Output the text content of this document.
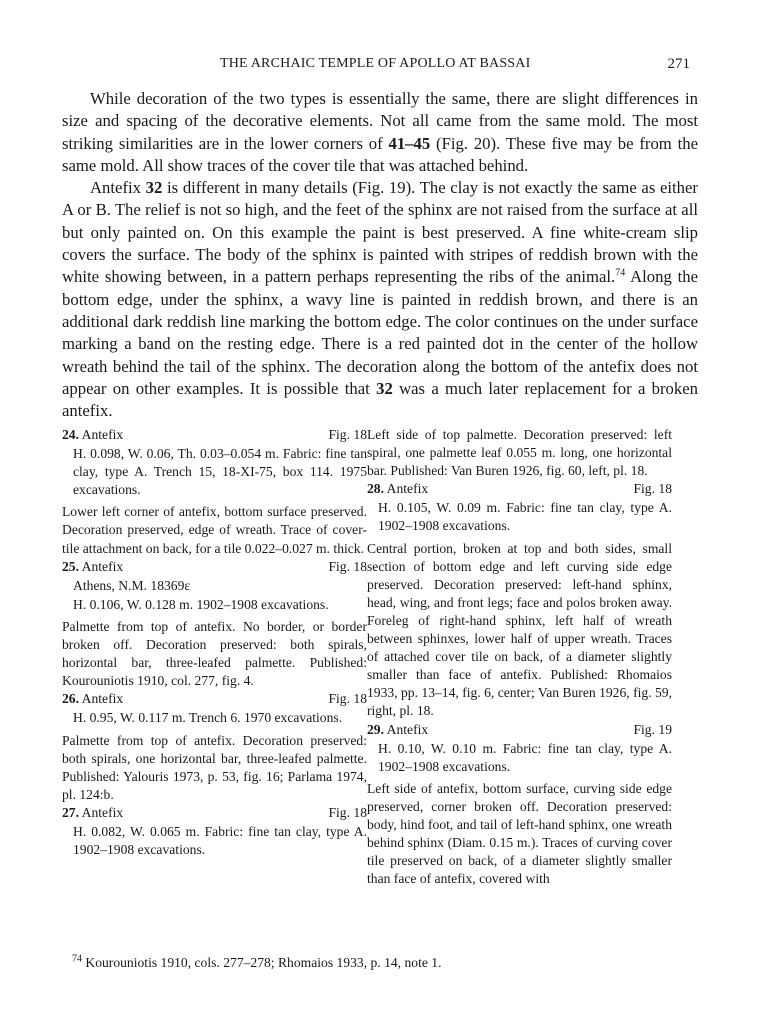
THE ARCHAIC TEMPLE OF APOLLO AT BASSAI	271

While decoration of the two types is essentially the same, there are slight differences in size and spacing of the decorative elements. Not all came from the same mold. The most striking similarities are in the lower corners of 41–45 (Fig. 20). These five may be from the same mold. All show traces of the cover tile that was attached behind.

Antefix 32 is different in many details (Fig. 19). The clay is not exactly the same as either A or B. The relief is not so high, and the feet of the sphinx are not raised from the surface at all but only painted on. On this example the paint is best preserved. A fine white-cream slip covers the surface. The body of the sphinx is painted with stripes of reddish brown with the white showing between, in a pattern perhaps representing the ribs of the animal.$^{74}$ Along the bottom edge, under the sphinx, a wavy line is painted in reddish brown, and there is an additional dark reddish line marking the bottom edge. The color continues on the under surface marking a band on the resting edge. There is a red painted dot in the center of the hollow wreath behind the tail of the sphinx. The decoration along the bottom of the antefix does not appear on other examples. It is possible that 32 was a much later replacement for a broken antefix.

24. Antefix	Fig. 18
H. 0.098, W. 0.06, Th. 0.03–0.054 m. Fabric: fine tan clay, type A. Trench 15, 18-XI-75, box 114. 1975 excavations.
Lower left corner of antefix, bottom surface preserved. Decoration preserved, edge of wreath. Trace of cover-tile attachment on back, for a tile 0.022–0.027 m. thick.
25. Antefix	Fig. 18
Athens, N.M. 18369ε
H. 0.106, W. 0.128 m. 1902–1908 excavations.
Palmette from top of antefix. No border, or border broken off. Decoration preserved: both spirals, horizontal bar, three-leafed palmette. Published: Kourouniotis 1910, col. 277, fig. 4.
26. Antefix	Fig. 18
H. 0.95, W. 0.117 m. Trench 6. 1970 excavations.
Palmette from top of antefix. Decoration preserved: both spirals, one horizontal bar, three-leafed palmette. Published: Yalouris 1973, p. 53, fig. 16; Parlama 1974, pl. 124:b.
27. Antefix	Fig. 18
H. 0.082, W. 0.065 m. Fabric: fine tan clay, type A. 1902–1908 excavations.
Left side of top palmette. Decoration preserved: left spiral, one palmette leaf 0.055 m. long, one horizontal bar. Published: Van Buren 1926, fig. 60, left, pl. 18.
28. Antefix	Fig. 18
H. 0.105, W. 0.09 m. Fabric: fine tan clay, type A. 1902–1908 excavations.
Central portion, broken at top and both sides, small section of bottom edge and left curving side edge preserved. Decoration preserved: left-hand sphinx, head, wing, and front legs; face and polos broken away. Foreleg of right-hand sphinx, left half of wreath between sphinxes, lower half of upper wreath. Traces of attached cover tile on back, of a diameter slightly smaller than face of antefix. Published: Rhomaios 1933, pp. 13–14, fig. 6, center; Van Buren 1926, fig. 59, right, pl. 18.
29. Antefix	Fig. 19
H. 0.10, W. 0.10 m. Fabric: fine tan clay, type A. 1902–1908 excavations.
Left side of antefix, bottom surface, curving side edge preserved, corner broken off. Decoration preserved: body, hind foot, and tail of left-hand sphinx, one wreath behind sphinx (Diam. 0.15 m.). Traces of curving cover tile preserved on back, of a diameter slightly smaller than face of antefix, covered with
$^{74}$ Kourouniotis 1910, cols. 277–278; Rhomaios 1933, p. 14, note 1.
